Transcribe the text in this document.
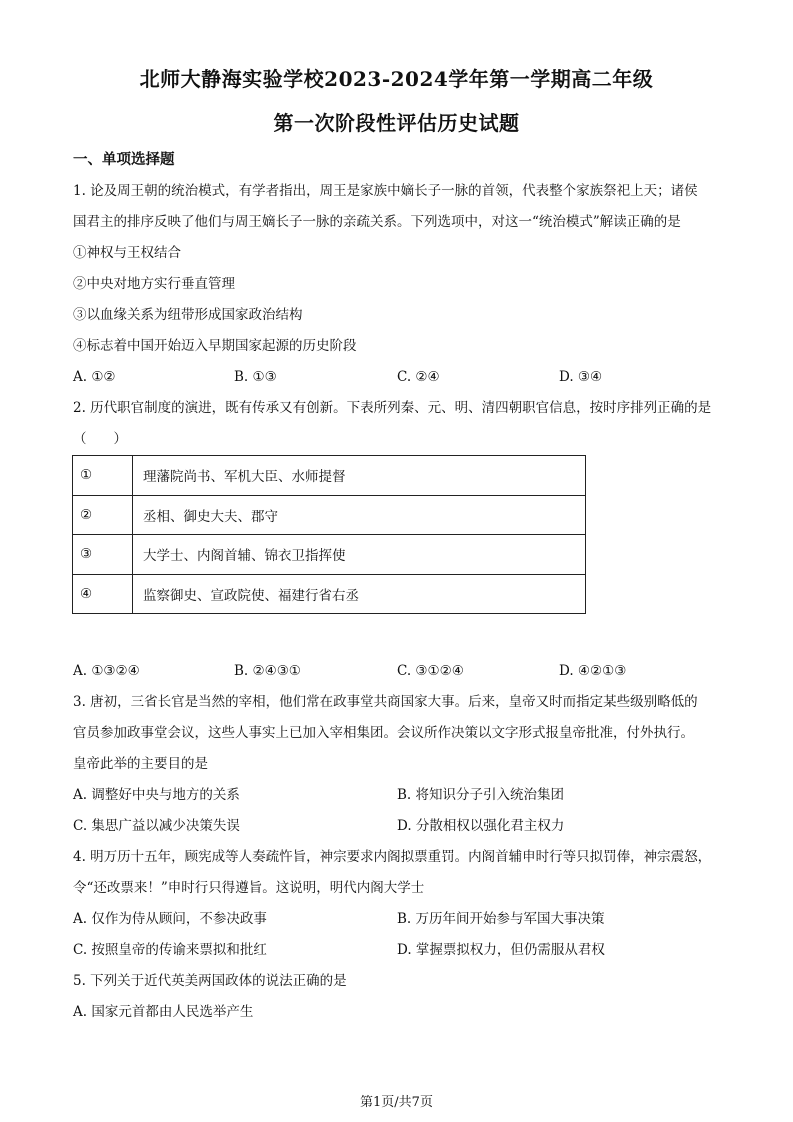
北师大静海实验学校2023-2024学年第一学期高二年级
第一次阶段性评估历史试题
一、单项选择题
1. 论及周王朝的统治模式，有学者指出，周王是家族中嫡长子一脉的首领，代表整个家族祭祀上天；诸侯
国君主的排序反映了他们与周王嫡长子一脉的亲疏关系。下列选项中，对这一“统治模式”解读正确的是
①神权与王权结合
②中央对地方实行垂直管理
③以血缘关系为纽带形成国家政治结构
④标志着中国开始迈入早期国家起源的历史阶段
A. ①②	B. ①③	C. ②④	D. ③④
2. 历代职官制度的演进，既有传承又有创新。下表所列秦、元、明、清四朝职官信息，按时序排列正确的是
（　　）
①	理藩院尚书、军机大臣、水师提督
②	丞相、御史大夫、郡守
③	大学士、内阁首辅、锦衣卫指挥使
④	监察御史、宣政院使、福建行省右丞
A. ①③②④	B. ②④③①	C. ③①②④	D. ④②①③
3. 唐初，三省长官是当然的宰相，他们常在政事堂共商国家大事。后来，皇帝又时而指定某些级别略低的
官员参加政事堂会议，这些人事实上已加入宰相集团。会议所作决策以文字形式报皇帝批准，付外执行。
皇帝此举的主要目的是
A. 调整好中央与地方的关系	B. 将知识分子引入统治集团
C. 集思广益以减少决策失误	D. 分散相权以强化君主权力
4. 明万历十五年，顾宪成等人奏疏忤旨，神宗要求内阁拟票重罚。内阁首辅申时行等只拟罚俸，神宗震怒，
令“还改票来！”申时行只得遵旨。这说明，明代内阁大学士
A. 仅作为侍从顾问，不参决政事	B. 万历年间开始参与军国大事决策
C. 按照皇帝的传谕来票拟和批红	D. 掌握票拟权力，但仍需服从君权
5. 下列关于近代英美两国政体的说法正确的是
A. 国家元首都由人民选举产生
第1页/共7页
